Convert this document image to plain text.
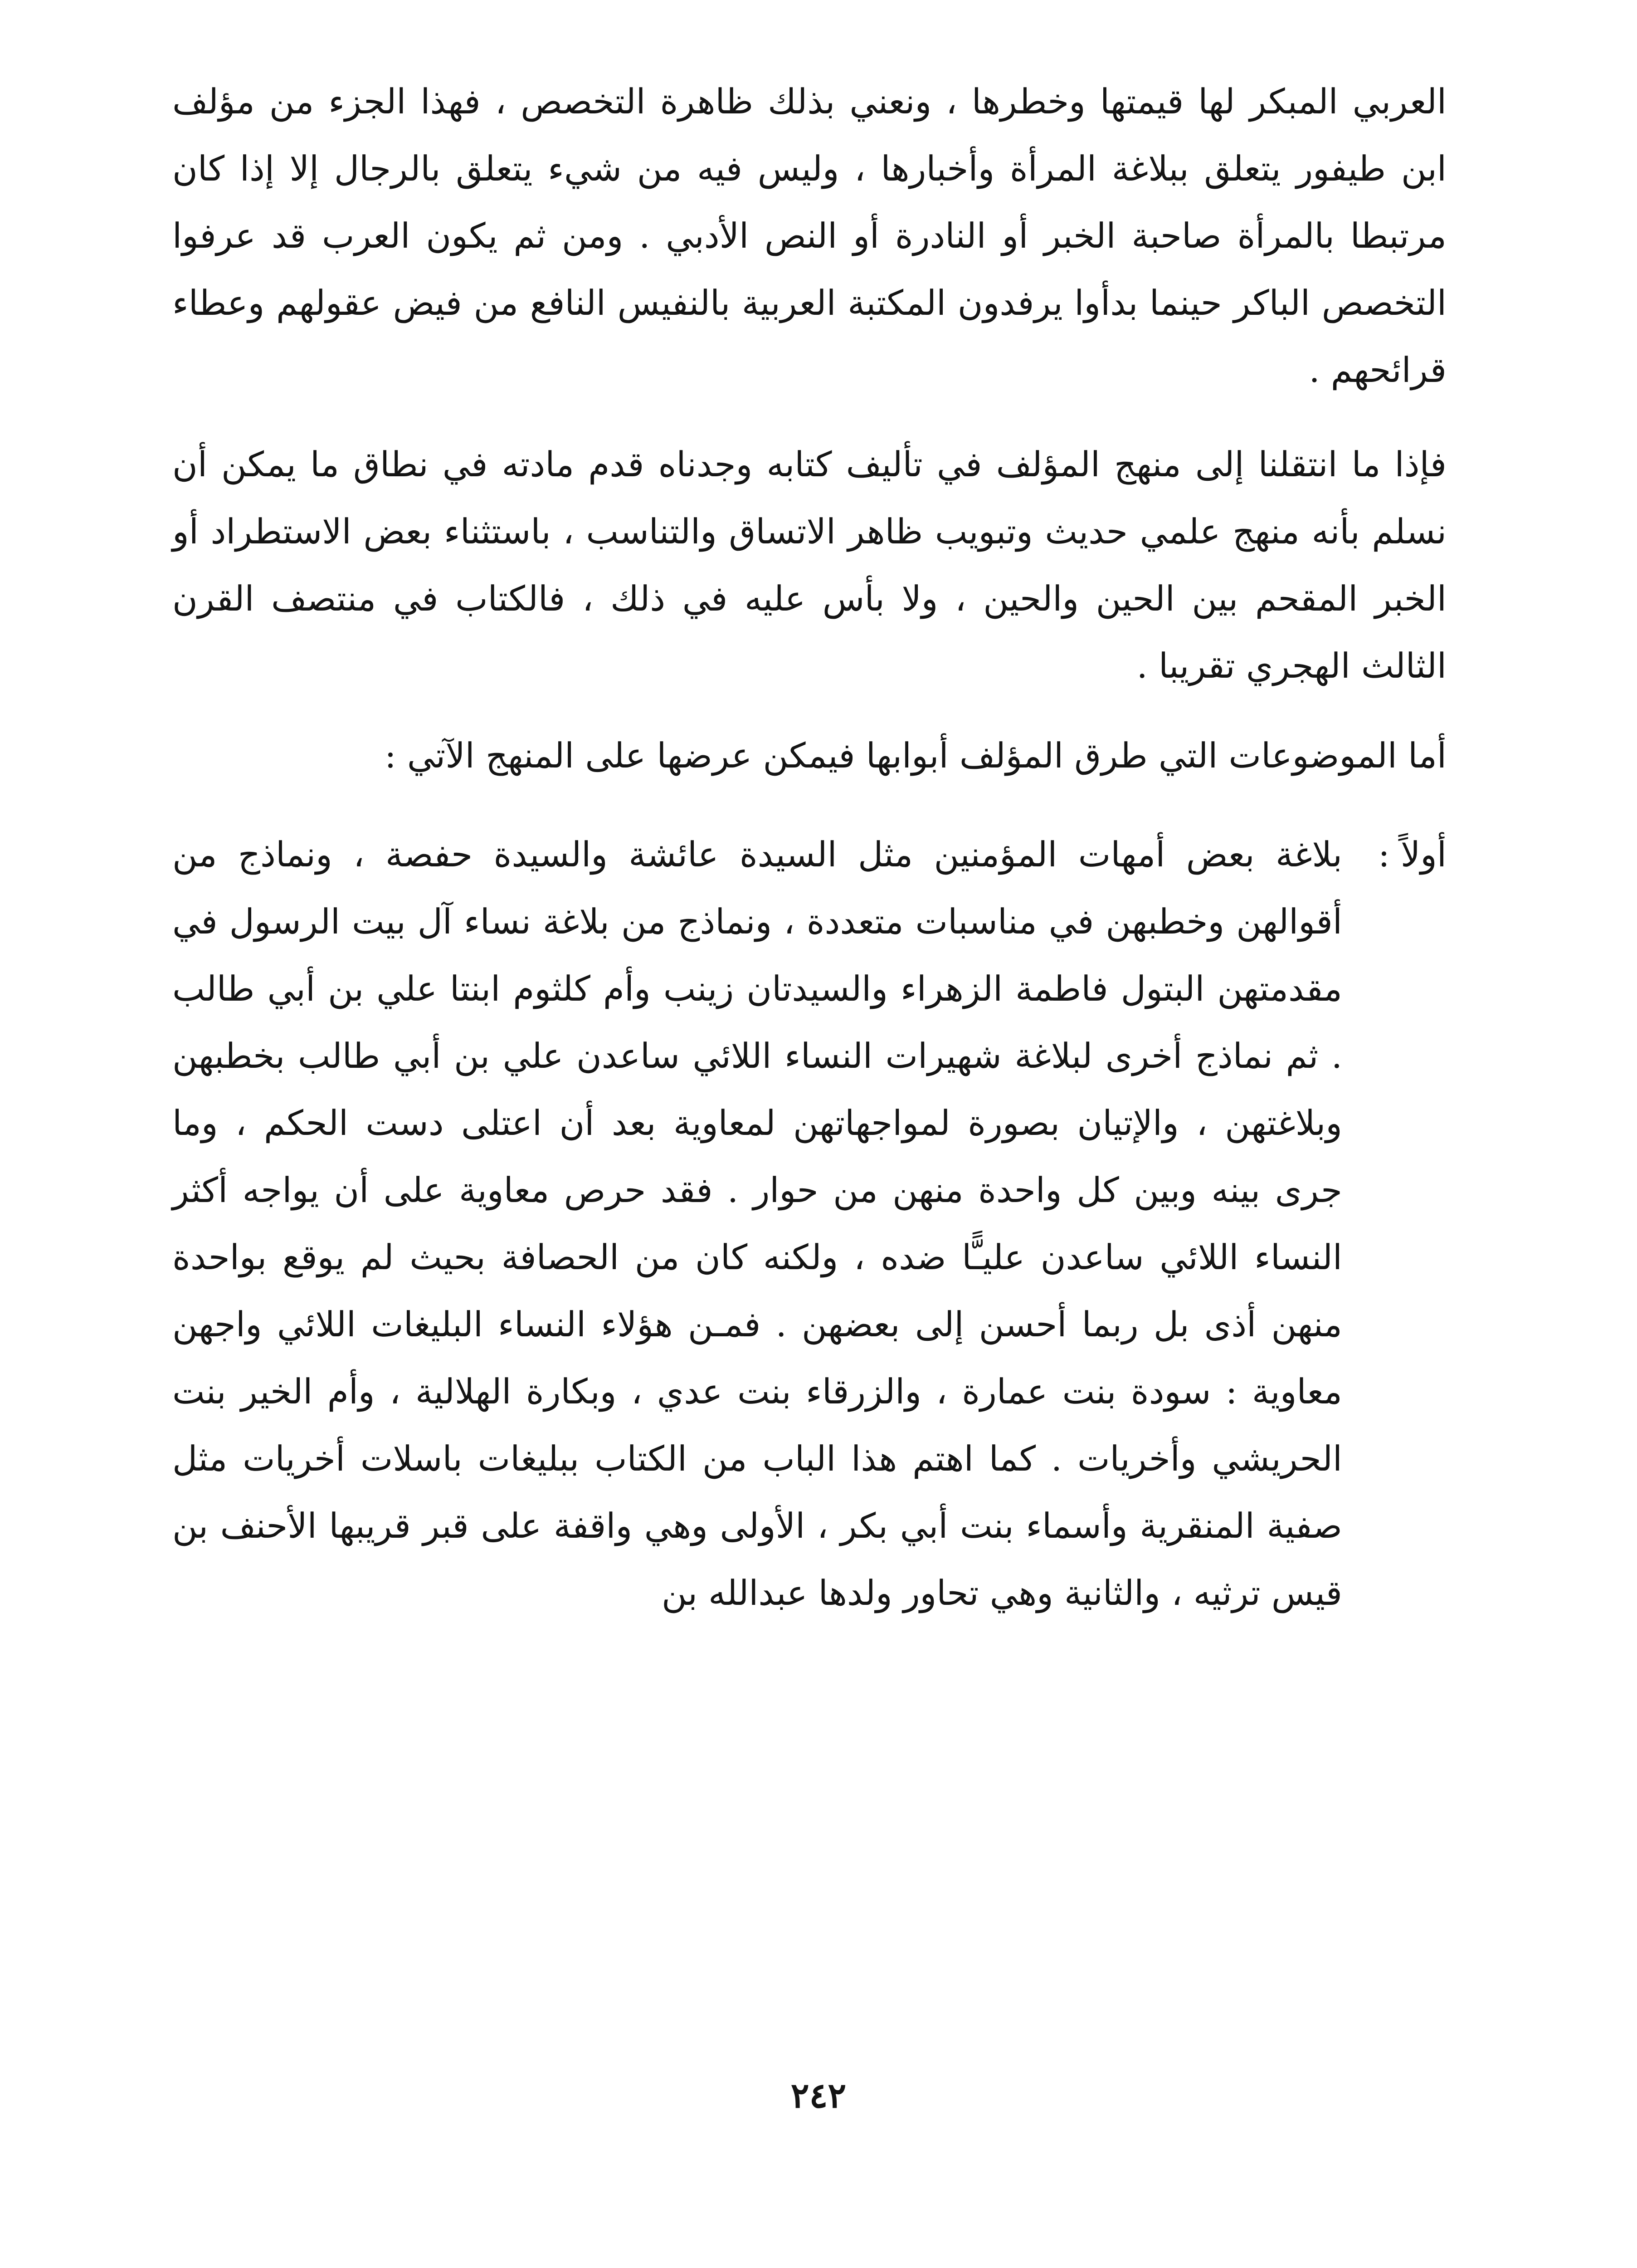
العربي المبكر لها قيمتها وخطرها ، ونعني بذلك ظاهرة التخصص ، فهذا الجزء من مؤلف ابن طيفور يتعلق ببلاغة المرأة وأخبارها ، وليس فيه من شيء يتعلق بالرجال إلا إذا كان مرتبطا بالمرأة صاحبة الخبر أو النادرة أو النص الأدبي . ومن ثم يكون العرب قد عرفوا التخصص الباكر حينما بدأوا يرفدون المكتبة العربية بالنفيس النافع من فيض عقولهم وعطاء قرائحهم .

فإذا ما انتقلنا إلى منهج المؤلف في تأليف كتابه وجدناه قدم مادته في نطاق ما يمكن أن نسلم بأنه منهج علمي حديث وتبويب ظاهر الاتساق والتناسب ، باستثناء بعض الاستطراد أو الخبر المقحم بين الحين والحين ، ولا بأس عليه في ذلك ، فالكتاب في منتصف القرن الثالث الهجري تقريبا .

أما الموضوعات التي طرق المؤلف أبوابها فيمكن عرضها على المنهج الآتي :

أولاً :

بلاغة بعض أمهات المؤمنين مثل السيدة عائشة والسيدة حفصة ، ونماذج من أقوالهن وخطبهن في مناسبات متعددة ، ونماذج من بلاغة نساء آل بيت الرسول في مقدمتهن البتول فاطمة الزهراء والسيدتان زينب وأم كلثوم ابنتا علي بن أبي طالب . ثم نماذج أخرى لبلاغة شهيرات النساء اللائي ساعدن علي بن أبي طالب بخطبهن وبلاغتهن ، والإتيان بصورة لمواجهاتهن لمعاوية بعد أن اعتلى دست الحكم ، وما جرى بينه وبين كل واحدة منهن من حوار . فقد حرص معاوية على أن يواجه أكثر النساء اللائي ساعدن عليـًّا ضده ، ولكنه كان من الحصافة بحيث لم يوقع بواحدة منهن أذى بل ربما أحسن إلى بعضهن . فمـن هؤلاء النساء البليغات اللائي واجهن معاوية : سودة بنت عمارة ، والزرقاء بنت عدي ، وبكارة الهلالية ، وأم الخير بنت الحريشي وأخريات . كما اهتم هذا الباب من الكتاب ببليغات باسلات أخريات مثل صفية المنقرية وأسماء بنت أبي بكر ، الأولى وهي واقفة على قبر قريبها الأحنف بن قيس ترثيه ، والثانية وهي تحاور ولدها عبدالله بن

٢٤٢
